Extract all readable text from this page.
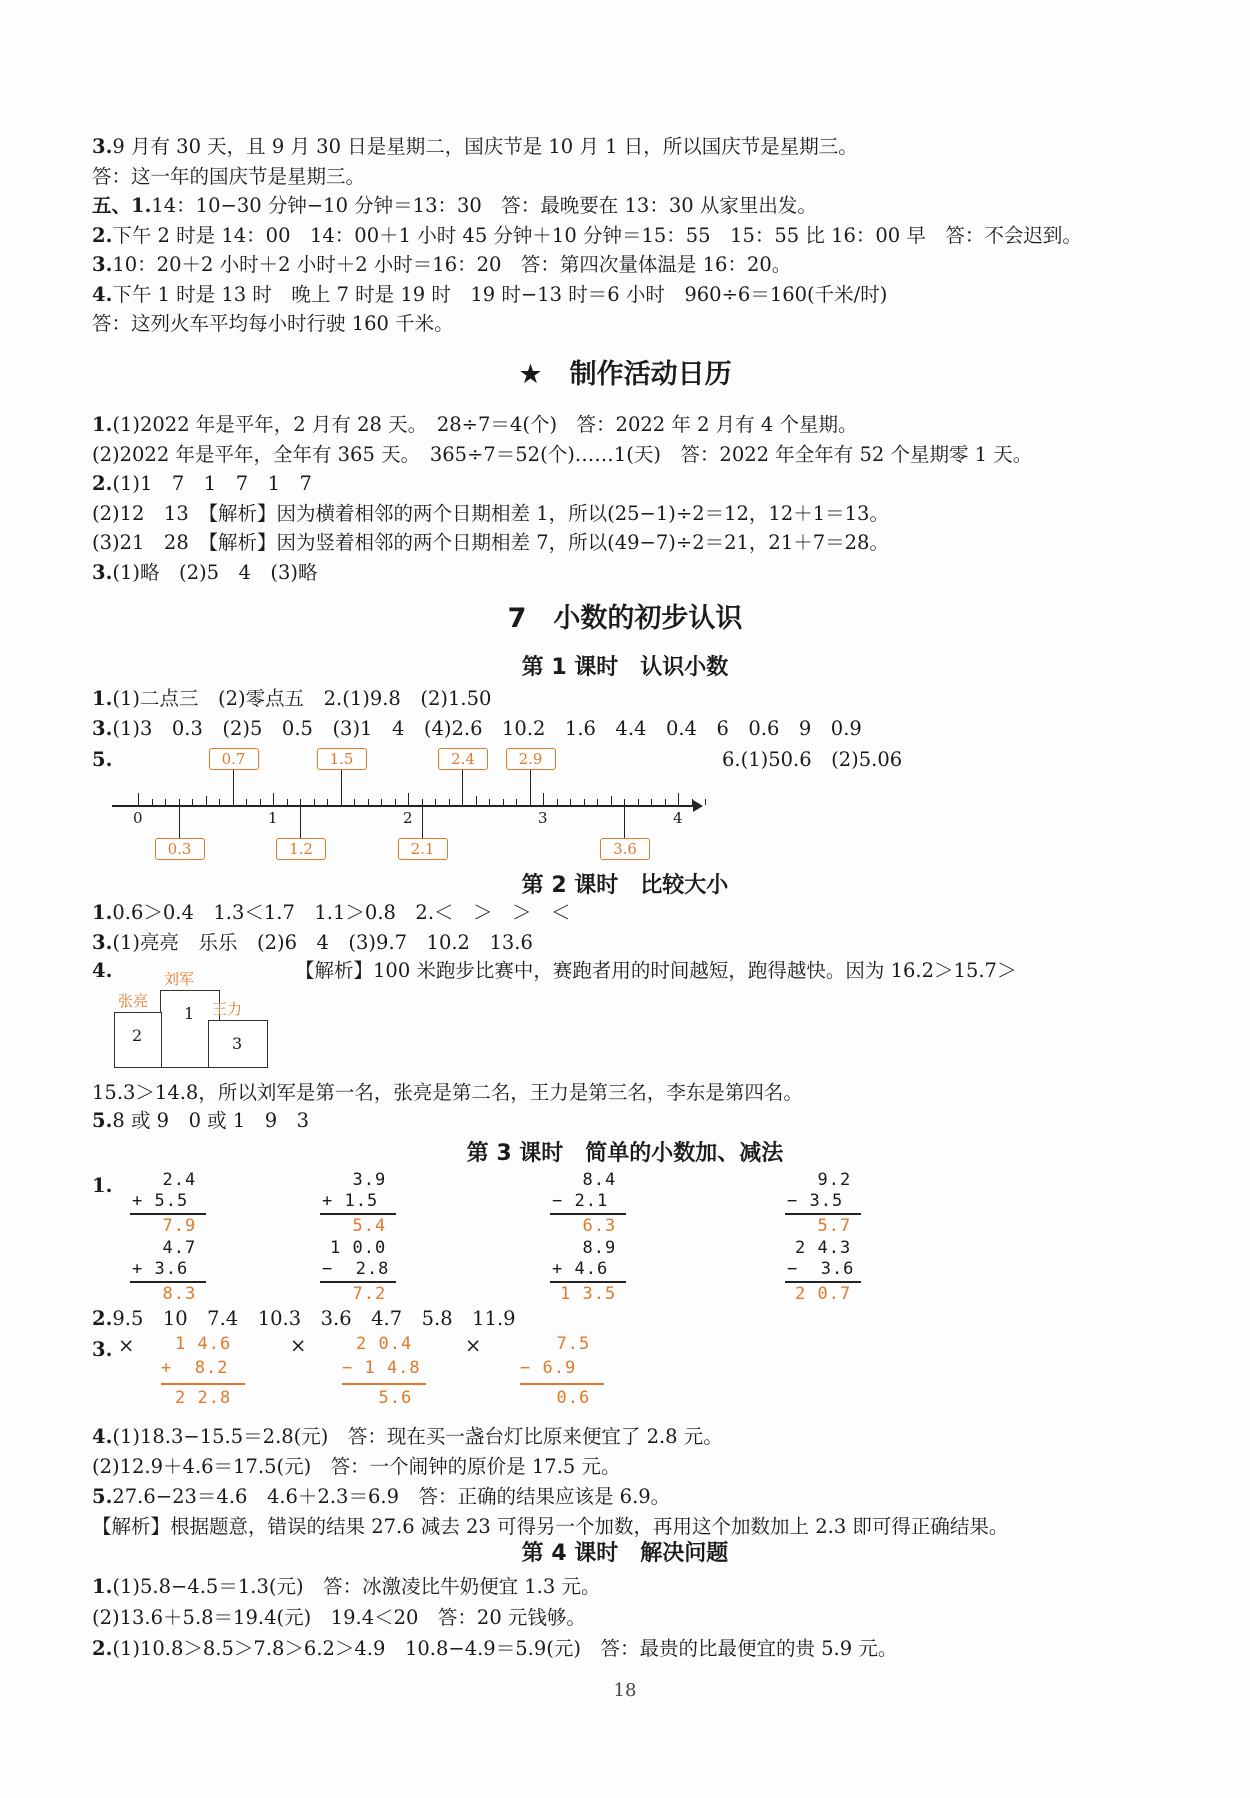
3.9 月有 30 天，且 9 月 30 日是星期二，国庆节是 10 月 1 日，所以国庆节是星期三。
答：这一年的国庆节是星期三。
五、1.14：10−30 分钟−10 分钟＝13：30　答：最晚要在 13：30 从家里出发。
2.下午 2 时是 14：00　14：00＋1 小时 45 分钟＋10 分钟＝15：55　15：55 比 16：00 早　答：不会迟到。
3.10：20＋2 小时＋2 小时＋2 小时＝16：20　答：第四次量体温是 16：20。
4.下午 1 时是 13 时　晚上 7 时是 19 时　19 时−13 时＝6 小时　960÷6＝160(千米/时)
答：这列火车平均每小时行驶 160 千米。
★　制作活动日历
1.(1)2022 年是平年，2 月有 28 天。　28÷7＝4(个)　答：2022 年 2 月有 4 个星期。
(2)2022 年是平年，全年有 365 天。　365÷7＝52(个)……1(天)　答：2022 年全年有 52 个星期零 1 天。
2.(1)1　7　1　7　1　7
(2)12　13　【解析】因为横着相邻的两个日期相差 1，所以(25−1)÷2＝12，12＋1＝13。
(3)21　28　【解析】因为竖着相邻的两个日期相差 7，所以(49−7)÷2＝21，21＋7＝28。
3.(1)略　(2)5　4　(3)略
7　小数的初步认识
第 1 课时　认识小数
1.(1)二点三　(2)零点五　2.(1)9.8　(2)1.50
3.(1)3　0.3　(2)5　0.5　(3)1　4　(4)2.6　10.2　1.6　4.4　0.4　6　0.6　9　0.9
5.	6.(1)50.6　(2)5.06
0	1	2	3	4
0.7	1.5	2.4	2.9
0.3	1.2	2.1	3.6
第 2 课时　比较大小
1.0.6＞0.4　1.3＜1.7　1.1＞0.8　2.＜　＞　＞　＜
3.(1)亮亮　乐乐　(2)6　4　(3)9.7　10.2　13.6
4.	【解析】100 米跑步比赛中，赛跑者用的时间越短，跑得越快。因为 16.2＞15.7＞
1
刘军
2
张亮
3
王力
15.3＞14.8，所以刘军是第一名，张亮是第二名，王力是第三名，李东是第四名。
5.8 或 9　0 或 1　9　3
第 3 课时　简单的小数加、减法
1. 2.4
+ 5.5
7.9
3.9
+ 1.5
5.4
8.4
− 2.1
6.3
9.2
− 3.5
5.7
4.7
+ 3.6
8.3
1 0.0
−  2.8
7.2
8.9
+ 4.6
1 3.5
2 4.3
−  3.6
2 0.7
2.9.5　10　7.4　10.3　3.6　4.7　5.8　11.9
3. ×	×	×
1 4.6
+  8.2
2 2.8
2 0.4
− 1 4.8
5.6
7.5
− 6.9
0.6
4.(1)18.3−15.5＝2.8(元)　答：现在买一盏台灯比原来便宜了 2.8 元。
(2)12.9＋4.6＝17.5(元)　答：一个闹钟的原价是 17.5 元。
5.27.6−23＝4.6　4.6＋2.3＝6.9　答：正确的结果应该是 6.9。
【解析】根据题意，错误的结果 27.6 减去 23 可得另一个加数，再用这个加数加上 2.3 即可得正确结果。
第 4 课时　解决问题
1.(1)5.8−4.5＝1.3(元)　答：冰激凌比牛奶便宜 1.3 元。
(2)13.6＋5.8＝19.4(元)　19.4＜20　答：20 元钱够。
2.(1)10.8＞8.5＞7.8＞6.2＞4.9　10.8−4.9＝5.9(元)　答：最贵的比最便宜的贵 5.9 元。
18
